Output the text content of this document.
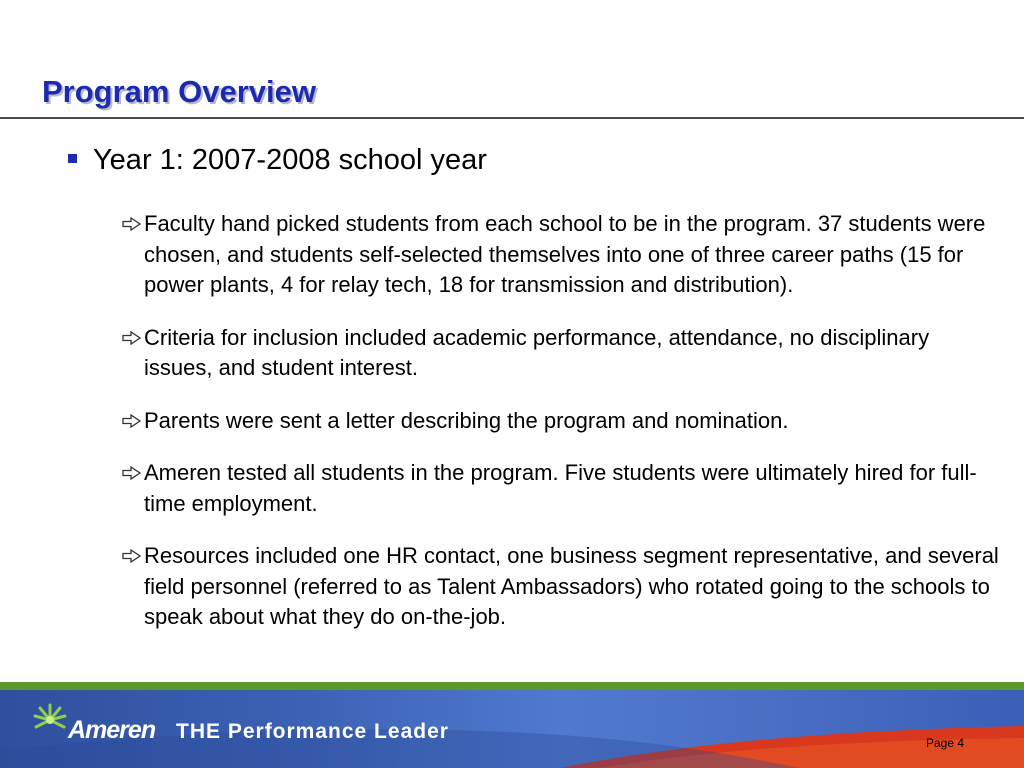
Program Overview
Year 1: 2007-2008 school year
Faculty hand picked students from each school to be in the program. 37 students were chosen, and students self-selected themselves into one of three career paths (15 for power plants, 4 for relay tech, 18 for transmission and distribution).
Criteria for inclusion included academic performance, attendance, no disciplinary issues, and student interest.
Parents were sent a letter describing the program and nomination.
Ameren tested all students in the program. Five students were ultimately hired for full-time employment.
Resources included one HR contact, one business segment representative, and several field personnel (referred to as Talent Ambassadors) who rotated going to the schools to speak about what they do on-the-job.
Ameren THE Performance Leader	Page 4
